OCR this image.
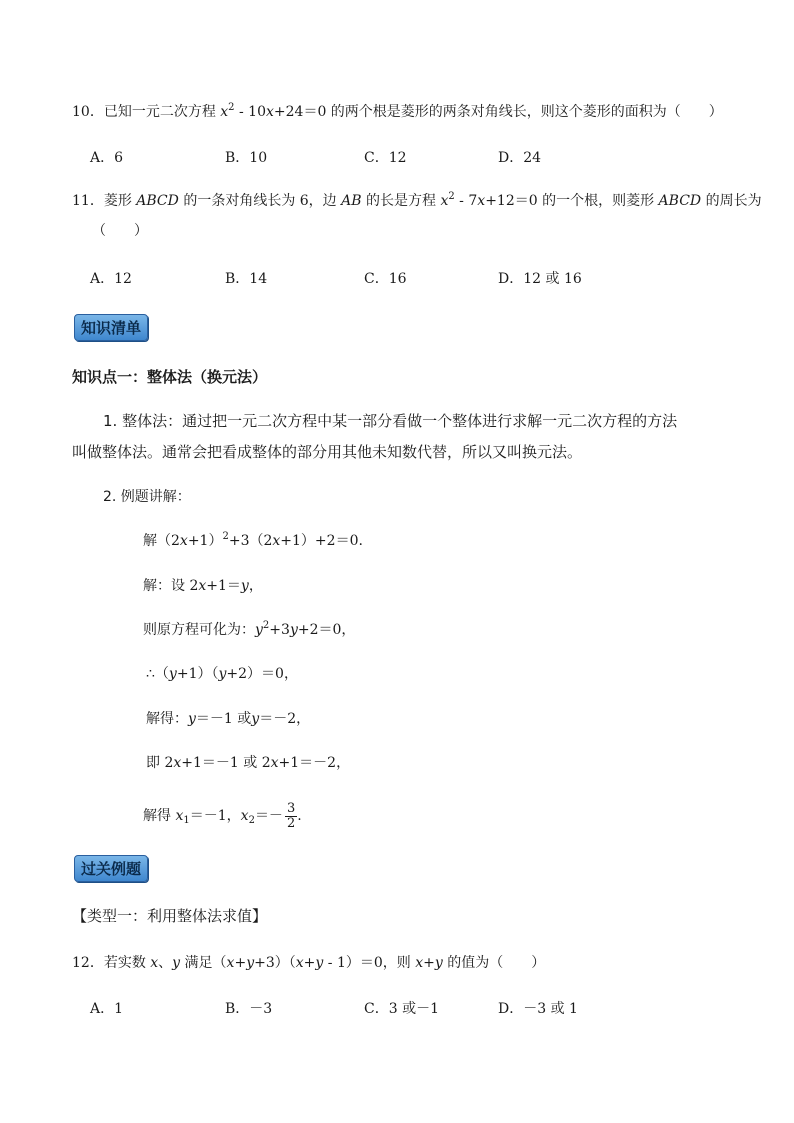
10．已知一元二次方程 $x^2 - 10x+24=0$ 的两个根是菱形的两条对角线长，则这个菱形的面积为（　　）
A．6	B．10	C．12	D．24
11．菱形 ABCD 的一条对角线长为 6，边 AB 的长是方程 $x^2 - 7x+12=0$ 的一个根，则菱形 ABCD 的周长为
（　　）
A．12	B．14	C．16	D．12 或 16
知识清单
知识点一：整体法（换元法）
1. 整体法：通过把一元二次方程中某一部分看做一个整体进行求解一元二次方程的方法
叫做整体法。通常会把看成整体的部分用其他未知数代替，所以又叫换元法。
2. 例题讲解：
解$(2x+1)^2+3(2x+1)+2=0$.
解：设 2x+1＝y，
则原方程可化为：$y^2+3y+2=0$，
∴（y+1）（y+2）＝0，
解得：y＝－1 或y＝－2，
即 2x+1＝－1 或 2x+1＝－2，
解得 $x_1=-1$，$x_2=- \frac{3}{2}$ .
过关例题
【类型一：利用整体法求值】
12．若实数 x、y 满足（x+y+3）（x+y - 1）＝0，则 x+y 的值为（　　）
A．1	B．－3	C．3 或－1	D．－3 或 1
